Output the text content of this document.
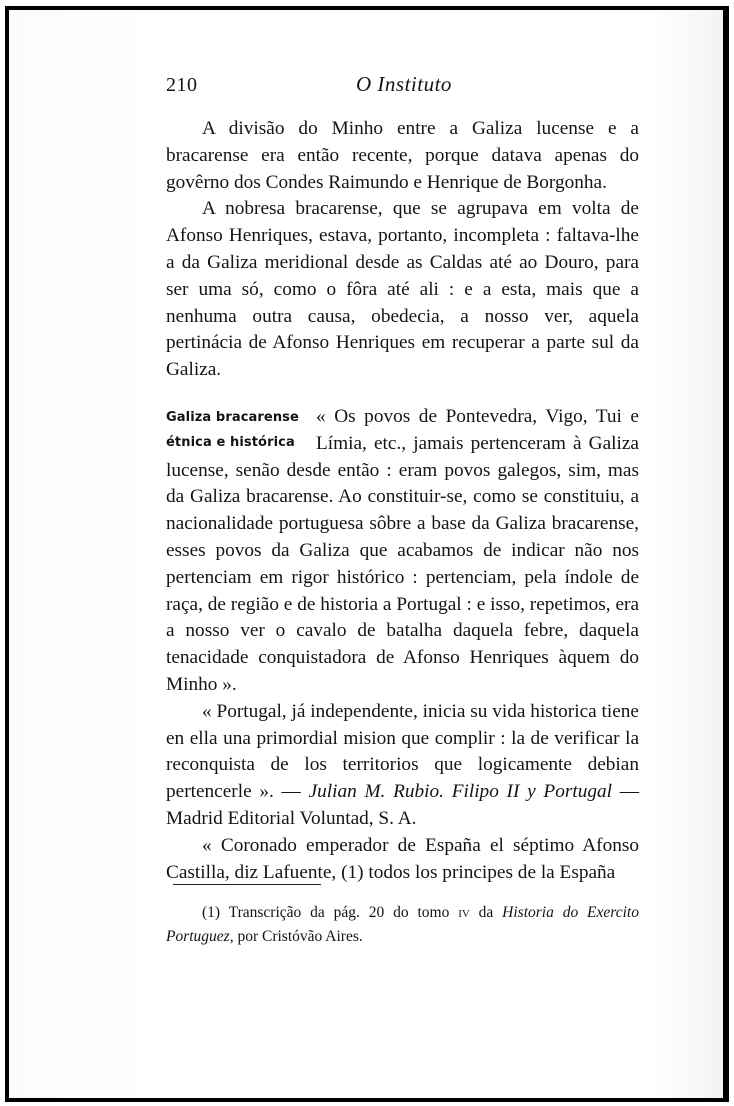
210	O Instituto

A divisão do Minho entre a Galiza lucense e a bracarense era então recente, porque datava apenas do govêrno dos Condes Raimundo e Henrique de Borgonha.

A nobresa bracarense, que se agrupava em volta de Afonso Henriques, estava, portanto, incompleta : faltava-lhe a da Galiza meridional desde as Caldas até ao Douro, para ser uma só, como o fôra até ali : e a esta, mais que a nenhuma outra causa, obedecia, a nosso ver, aquela pertinácia de Afonso Henriques em recuperar a parte sul da Galiza.

Galiza bracarense
étnica e histórica
« Os povos de Pontevedra, Vigo, Tui e Límia, etc., jamais pertenceram à Galiza lucense, senão desde então : eram povos galegos, sim, mas da Galiza bracarense. Ao constituir-se, como se constituiu, a nacionalidade portuguesa sôbre a base da Galiza bracarense, esses povos da Galiza que acabamos de indicar não nos pertenciam em rigor histórico : pertenciam, pela índole de raça, de região e de historia a Portugal : e isso, repetimos, era a nosso ver o cavalo de batalha daquela febre, daquela tenacidade conquistadora de Afonso Henriques àquem do Minho ».

« Portugal, já independente, inicia su vida historica tiene en ella una primordial mision que complir : la de verificar la reconquista de los territorios que logicamente debian pertencerle ». — Julian M. Rubio. Filipo II y Portugal — Madrid Editorial Voluntad, S. A.

« Coronado emperador de España el séptimo Afonso Castilla, diz Lafuente, (1) todos los principes de la España

(1) Transcrição da pág. 20 do tomo iv da Historia do Exercito Portuguez, por Cristóvão Aires.
